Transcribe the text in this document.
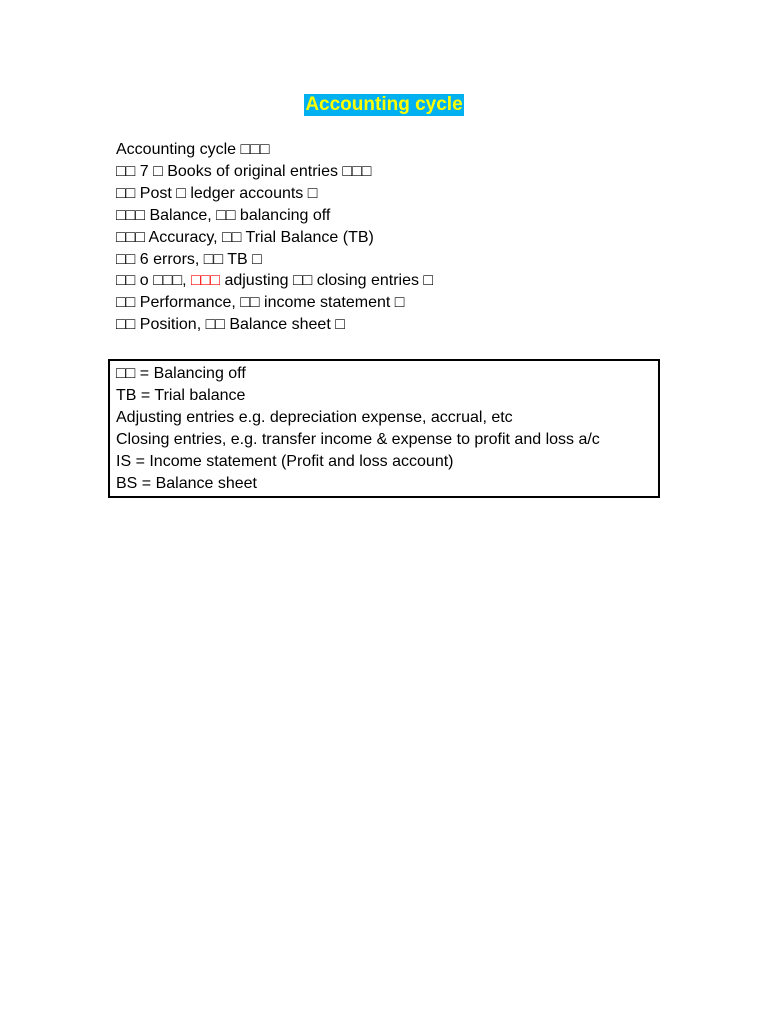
Accounting cycle
Accounting cycle □□□
□□ 7 □ Books of original entries □□□
□□ Post □ ledger accounts □
□□□ Balance, □□ balancing off
□□□ Accuracy, □□ Trial Balance (TB)
□□ 6 errors, □□ TB □
□□ o □□□, □□□ adjusting □□ closing entries □
□□ Performance, □□ income statement □
□□ Position, □□ Balance sheet □
□□ = Balancing off
TB = Trial balance
Adjusting entries e.g. depreciation expense, accrual, etc
Closing entries, e.g. transfer income & expense to profit and loss a/c
IS = Income statement (Profit and loss account)
BS = Balance sheet
